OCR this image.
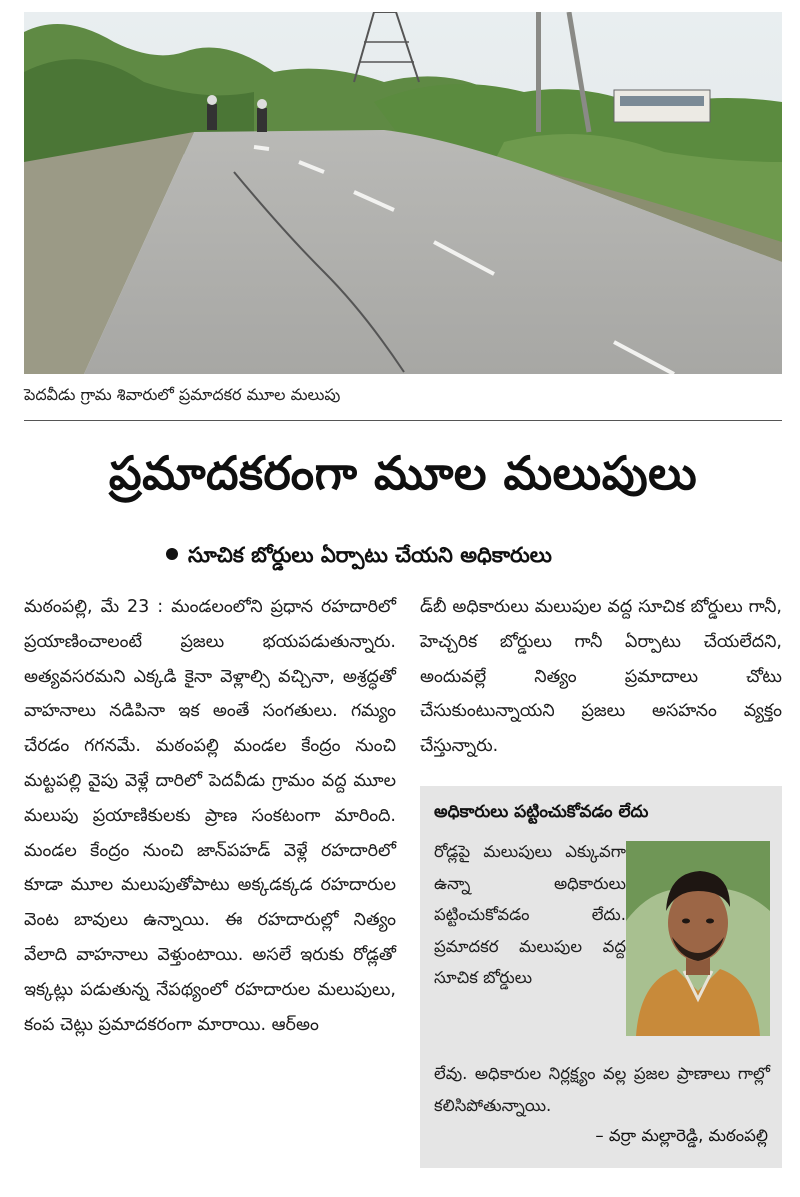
పెదవీడు గ్రామ శివారులో ప్రమాదకర మూల మలుపు
ప్రమాదకరంగా మూల మలుపులు
సూచిక బోర్డులు ఏర్పాటు చేయని అధికారులు
మఠంపల్లి, మే 23 : మండలంలోని ప్రధాన రహదారిలో ప్రయాణించాలంటే ప్రజలు భయపడుతున్నారు. అత్యవసరమని ఎక్కడి కైనా వెళ్లాల్సి వచ్చినా, అశ్రద్ధతో వాహనాలు నడిపినా ఇక అంతే సంగతులు. గమ్యం చేరడం గగనమే. మఠంపల్లి మండల కేంద్రం నుంచి మట్టపల్లి వైపు వెళ్లే దారిలో పెదవీడు గ్రామం వద్ద మూల మలుపు ప్రయాణికులకు ప్రాణ సంకటంగా మారింది. మండల కేంద్రం నుంచి జాన్‌పహడ్ వెళ్లే రహదారిలో కూడా మూల మలుపుతోపాటు అక్కడక్కడ రహదారుల వెంట బావులు ఉన్నాయి. ఈ రహదారుల్లో నిత్యం వేలాది వాహనాలు వెళ్తుంటాయి. అసలే ఇరుకు రోడ్లతో ఇక్కట్లు పడుతున్న నేపథ్యంలో రహదారుల మలుపులు, కంప చెట్లు ప్రమాదకరంగా మారాయి. ఆర్అం
డ్‌బీ అధికారులు మలుపుల వద్ద సూచిక బోర్డులు గానీ, హెచ్చరిక బోర్డులు గానీ ఏర్పాటు చేయలేదని, అందువల్లే నిత్యం ప్రమాదాలు చోటు చేసుకుంటున్నాయని ప్రజలు అసహనం వ్యక్తం చేస్తున్నారు.
అధికారులు పట్టించుకోవడం లేదు
రోడ్లపై మలుపులు ఎక్కువగా ఉన్నా అధికారులు పట్టించుకోవడం లేదు. ప్రమాదకర మలుపుల వద్ద సూచిక బోర్డులు
లేవు. అధికారుల నిర్లక్ష్యం వల్ల ప్రజల ప్రాణాలు గాల్లో కలిసిపోతున్నాయి.
– వర్రా మల్లారెడ్డి, మఠంపల్లి
